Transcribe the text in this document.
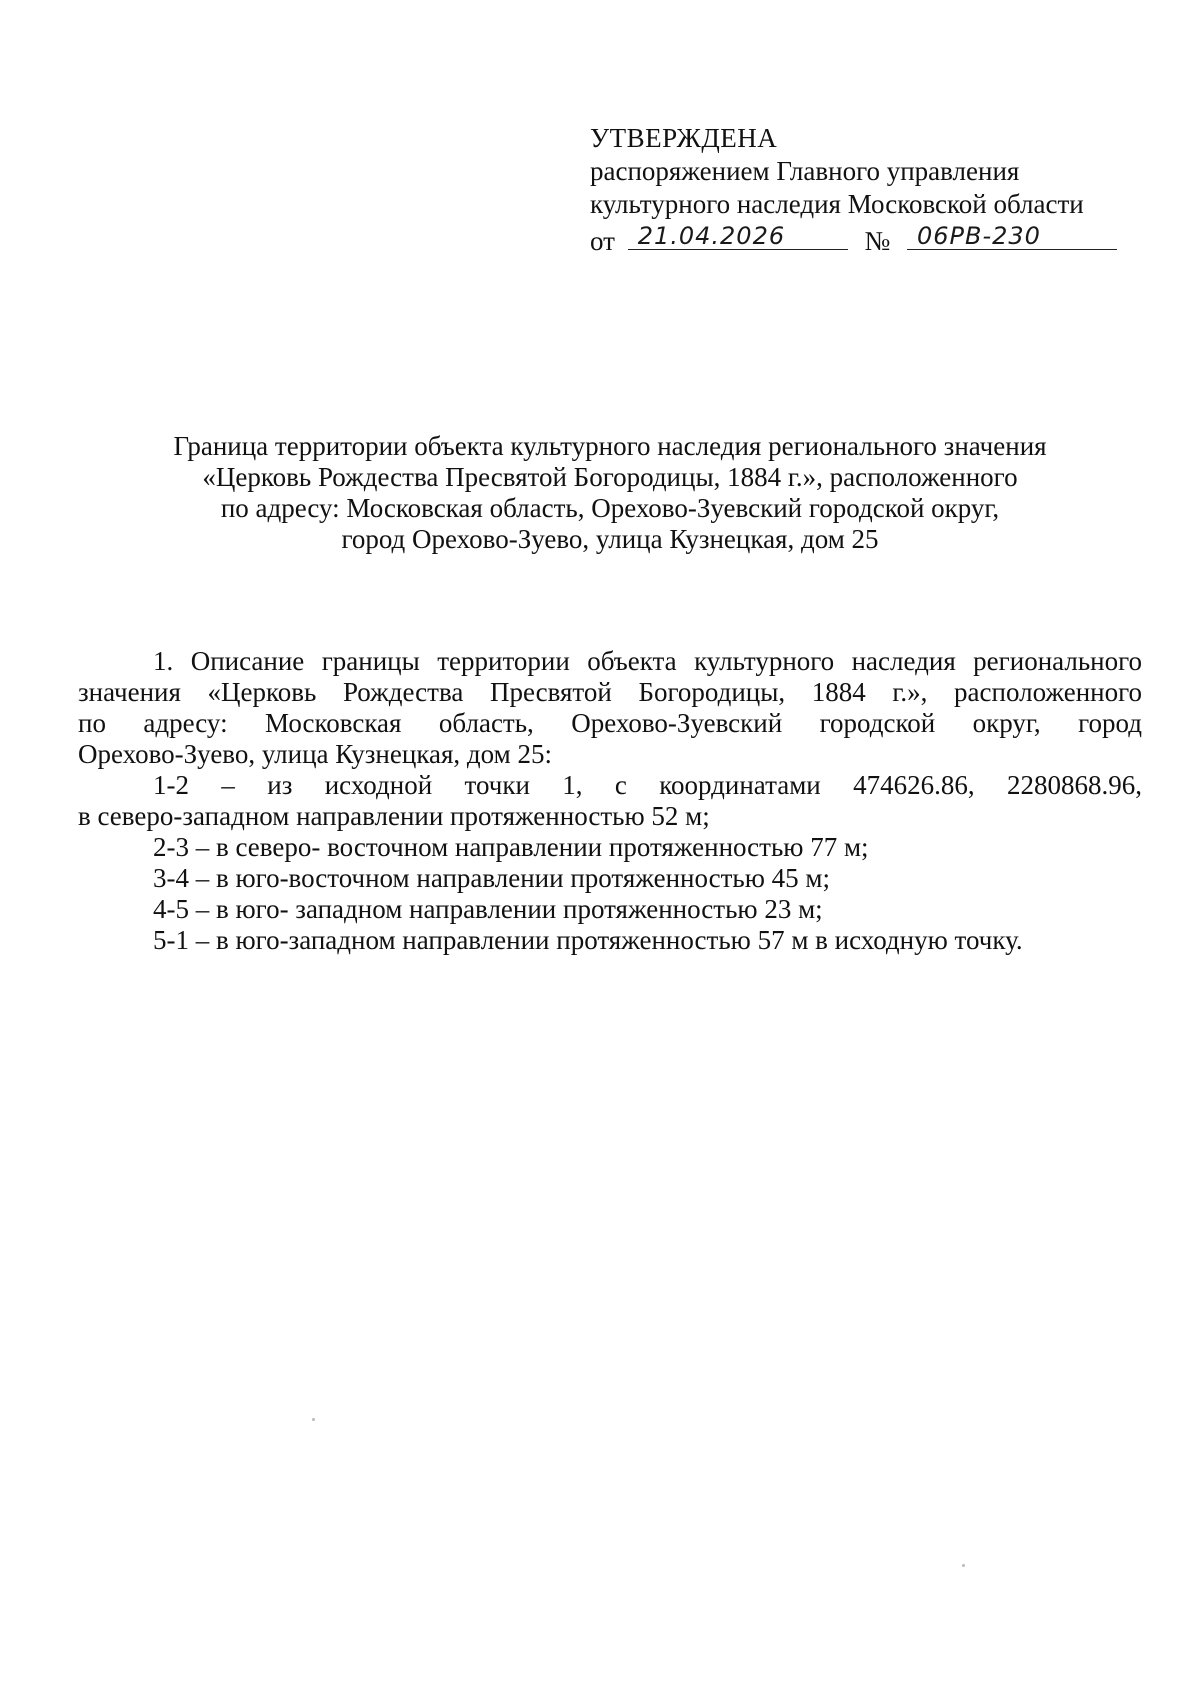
УТВЕРЖДЕНА
распоряжением Главного управления
культурного наследия Московской области
от 21.04.2026	№ 06РВ-230
Граница территории объекта культурного наследия регионального значения
«Церковь Рождества Пресвятой Богородицы, 1884 г.», расположенного
по адресу: Московская область, Орехово-Зуевский городской округ,
город Орехово-Зуево, улица Кузнецкая, дом 25
1. Описание границы территории объекта культурного наследия регионального
значения «Церковь Рождества Пресвятой Богородицы, 1884 г.», расположенного
по адресу: Московская область, Орехово-Зуевский городской округ, город
Орехово-Зуево, улица Кузнецкая, дом 25:
1-2 – из исходной точки 1, с координатами 474626.86, 2280868.96,
в северо-западном направлении протяженностью 52 м;
2-3 – в северо- восточном направлении протяженностью 77 м;
3-4 – в юго-восточном направлении протяженностью 45 м;
4-5 – в юго- западном направлении протяженностью 23 м;
5-1 – в юго-западном направлении протяженностью 57 м в исходную точку.
